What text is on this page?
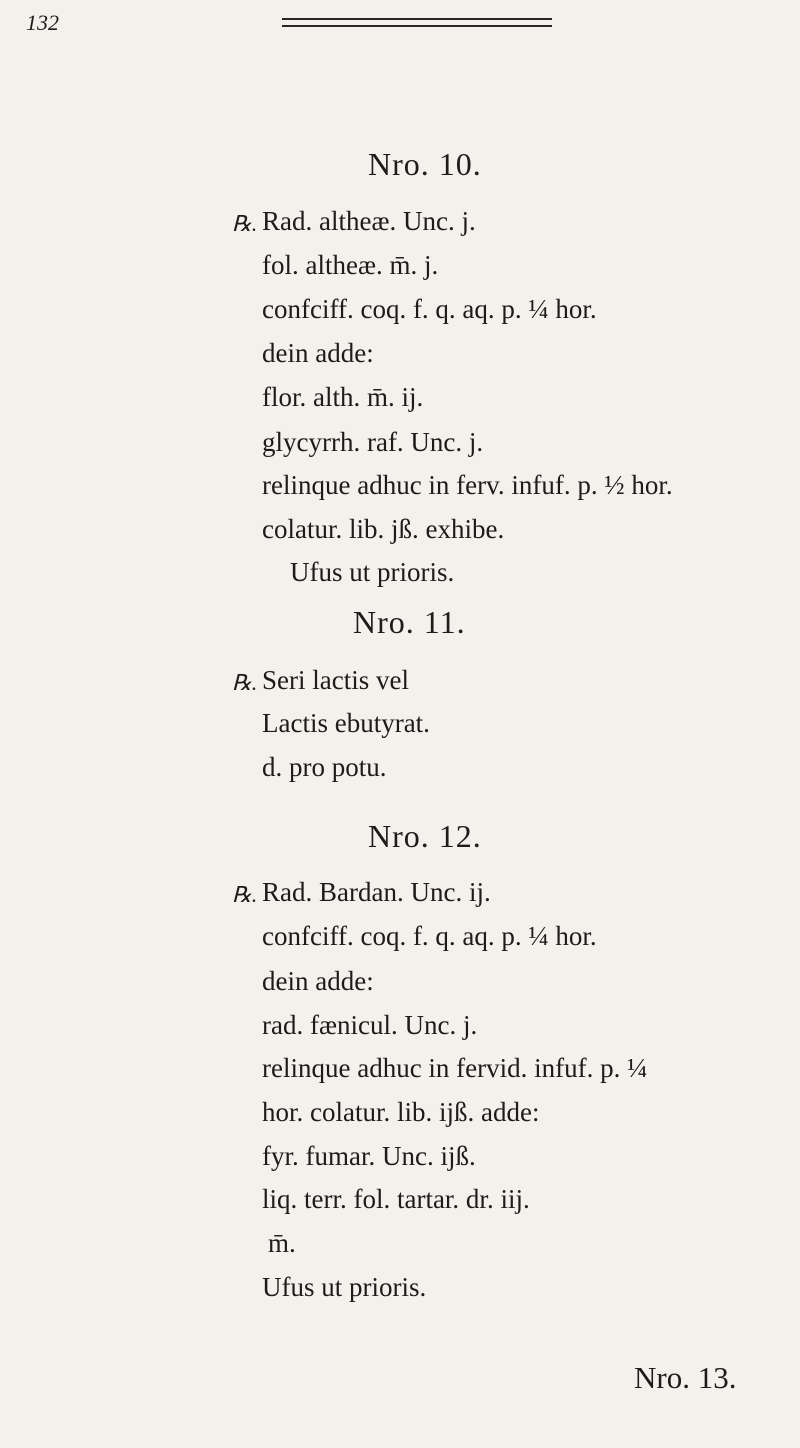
132
Nro. 10.
℞. Rad. altheæ. Unc. j.
fol. altheæ. m̄. j.
confciff. coq. f. q. aq. p. ¼ hor.
dein adde:
flor. alth. m̄. ij.
glycyrrh. raf. Unc. j.
relinque adhuc in ferv. infuf. p. ½ hor.
colatur. lib. jß. exhibe.
Ufus ut prioris.
Nro. 11.
℞. Seri lactis vel
Lactis ebutyrat.
d. pro potu.
Nro. 12.
℞. Rad. Bardan. Unc. ij.
confciff. coq. f. q. aq. p. ¼ hor.
dein adde:
rad. fænicul. Unc. j.
relinque adhuc in fervid. infuf. p. ¼
hor. colatur. lib. ijß. adde:
fyr. fumar. Unc. ijß.
liq. terr. fol. tartar. dr. iij.
m̄.
Ufus ut prioris.
Nro. 13.
